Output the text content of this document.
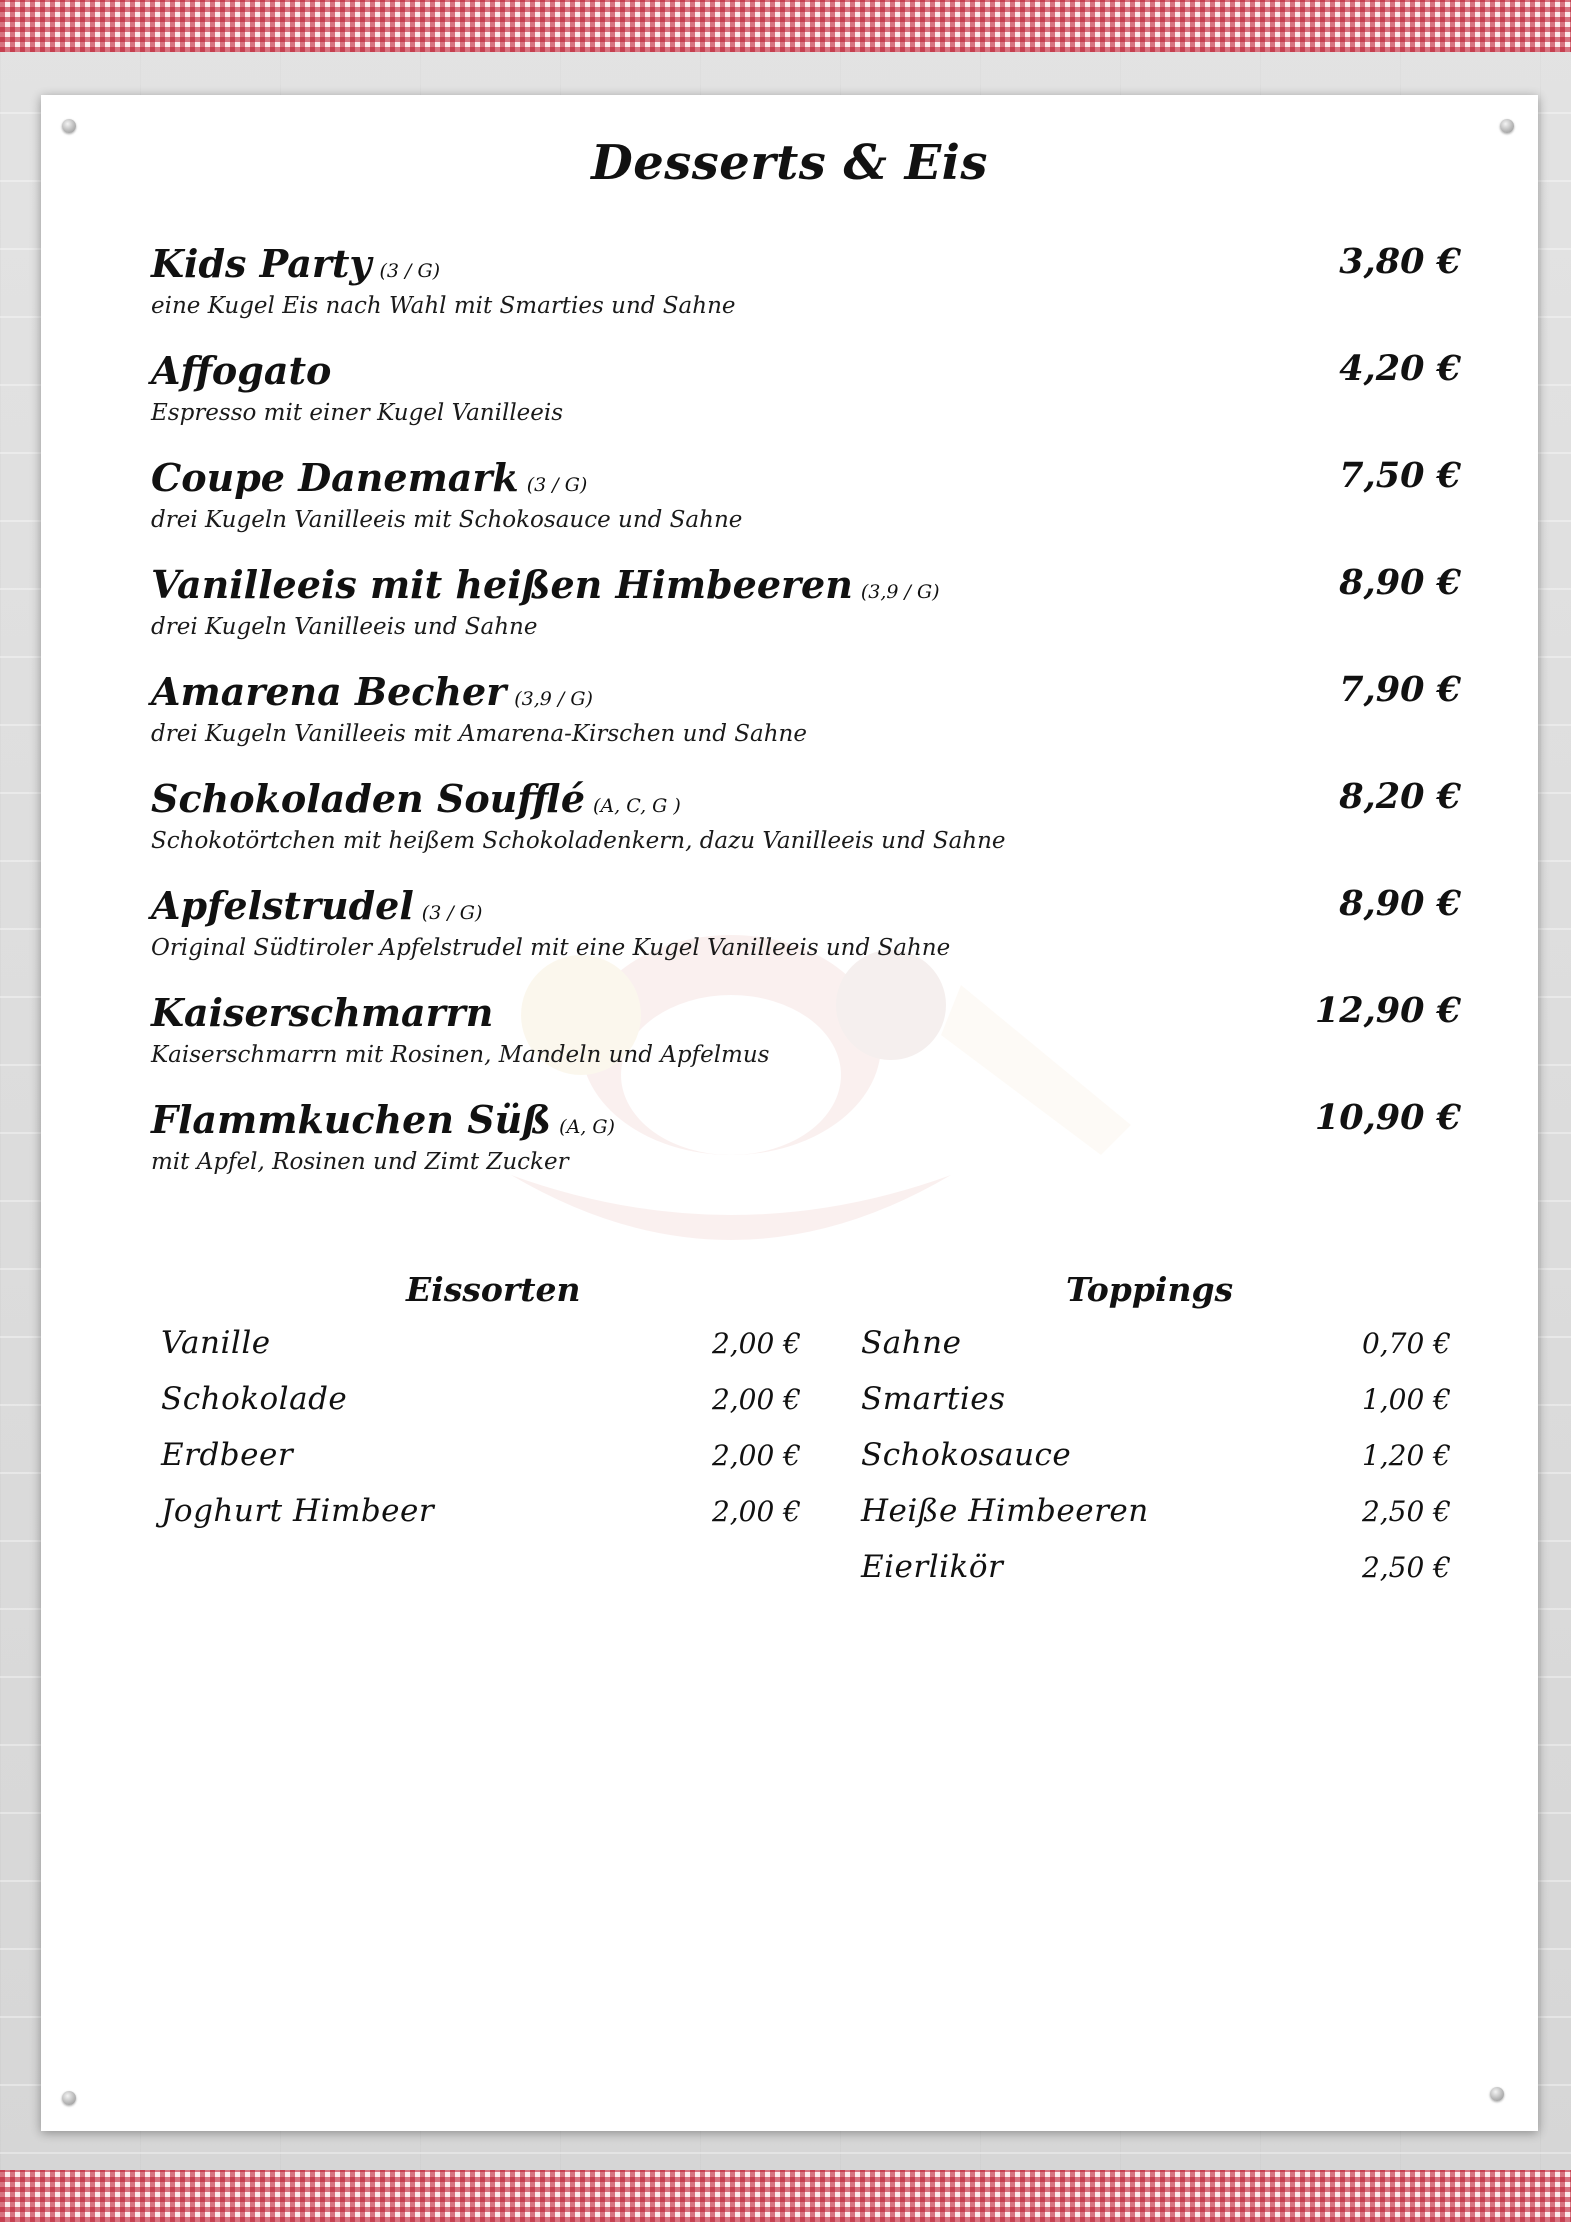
Desserts & Eis
Kids Party (3 / G)	3,80 €
eine Kugel Eis nach Wahl mit Smarties und Sahne
Affogato	4,20 €
Espresso mit einer Kugel Vanilleeis
Coupe Danemark (3 / G)	7,50 €
drei Kugeln Vanilleeis mit Schokosauce und Sahne
Vanilleeis mit heißen Himbeeren (3,9 / G)	8,90 €
drei Kugeln Vanilleeis und Sahne
Amarena Becher (3,9 / G)	7,90 €
drei Kugeln Vanilleeis mit Amarena-Kirschen und Sahne
Schokoladen Soufflé (A, C, G )	8,20 €
Schokotörtchen mit heißem Schokoladenkern, dazu Vanilleeis und Sahne
Apfelstrudel (3 / G)	8,90 €
Original Südtiroler Apfelstrudel mit eine Kugel Vanilleeis und Sahne
Kaiserschmarrn	12,90 €
Kaiserschmarrn mit Rosinen, Mandeln und Apfelmus
Flammkuchen Süß (A, G)	10,90 €
mit Apfel, Rosinen und Zimt Zucker
Eissorten
Vanille	2,00 €
Schokolade	2,00 €
Erdbeer	2,00 €
Joghurt Himbeer	2,00 €
Toppings
Sahne	0,70 €
Smarties	1,00 €
Schokosauce	1,20 €
Heiße Himbeeren	2,50 €
Eierlikör	2,50 €
